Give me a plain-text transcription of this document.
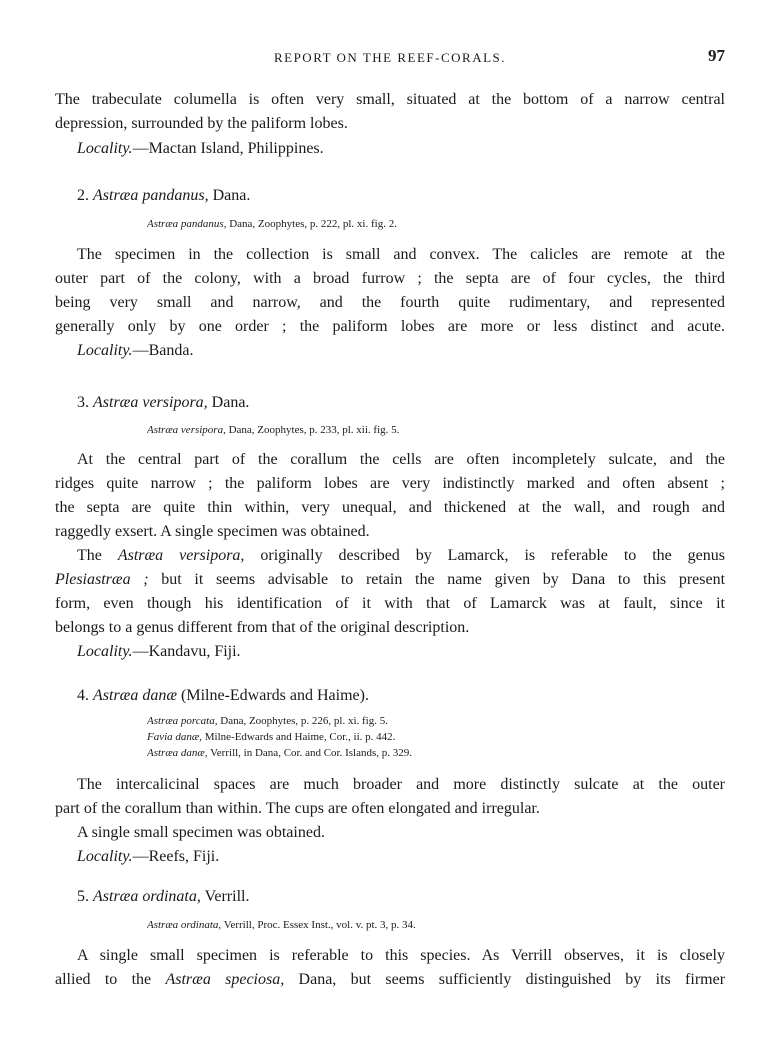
REPORT ON THE REEF-CORALS.	97
The trabeculate columella is often very small, situated at the bottom of a narrow central
depression, surrounded by the paliform lobes.
Locality.—Mactan Island, Philippines.
2. Astræa pandanus, Dana.
Astræa pandanus, Dana, Zoophytes, p. 222, pl. xi. fig. 2.
The specimen in the collection is small and convex. The calicles are remote at the
outer part of the colony, with a broad furrow ; the septa are of four cycles, the third
being very small and narrow, and the fourth quite rudimentary, and represented
generally only by one order ; the paliform lobes are more or less distinct and acute.
Locality.—Banda.
3. Astræa versipora, Dana.
Astræa versipora, Dana, Zoophytes, p. 233, pl. xii. fig. 5.
At the central part of the corallum the cells are often incompletely sulcate, and the
ridges quite narrow ; the paliform lobes are very indistinctly marked and often absent ;
the septa are quite thin within, very unequal, and thickened at the wall, and rough and
raggedly exsert. A single specimen was obtained.
The Astræa versipora, originally described by Lamarck, is referable to the genus
Plesiastræa ; but it seems advisable to retain the name given by Dana to this present
form, even though his identification of it with that of Lamarck was at fault, since it
belongs to a genus different from that of the original description.
Locality.—Kandavu, Fiji.
4. Astræa danæ (Milne-Edwards and Haime).
Astræa porcata, Dana, Zoophytes, p. 226, pl. xi. fig. 5.
Favia danæ, Milne-Edwards and Haime, Cor., ii. p. 442.
Astræa danæ, Verrill, in Dana, Cor. and Cor. Islands, p. 329.
The intercalicinal spaces are much broader and more distinctly sulcate at the outer
part of the corallum than within. The cups are often elongated and irregular.
A single small specimen was obtained.
Locality.—Reefs, Fiji.
5. Astræa ordinata, Verrill.
Astræa ordinata, Verrill, Proc. Essex Inst., vol. v. pt. 3, p. 34.
A single small specimen is referable to this species. As Verrill observes, it is closely
allied to the Astræa speciosa, Dana, but seems sufficiently distinguished by its firmer
